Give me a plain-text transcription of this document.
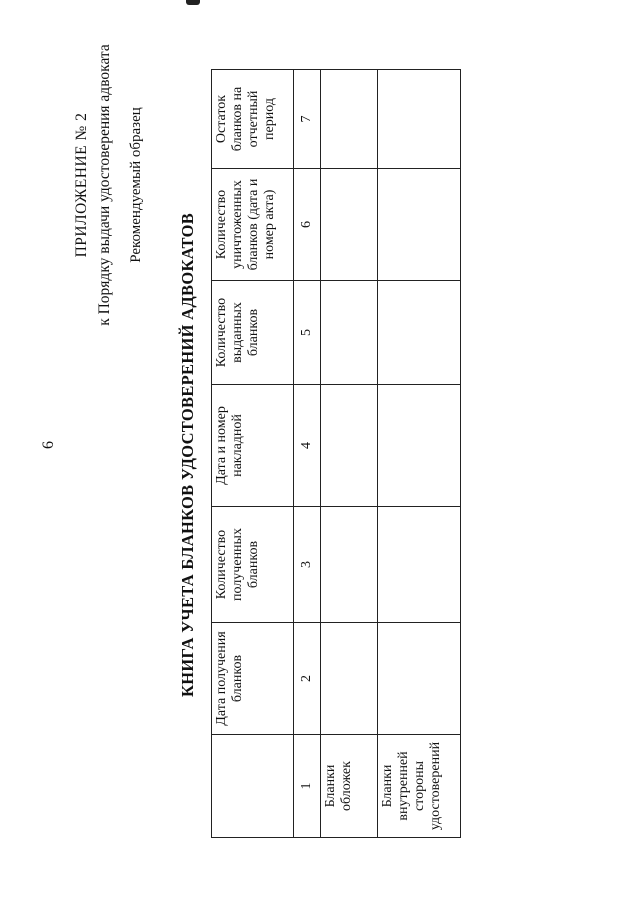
6
ПРИЛОЖЕНИЕ № 2 к Порядку выдачи удостоверения адвоката Рекомендуемый образец
КНИГА УЧЕТА БЛАНКОВ УДОСТОВЕРЕНИЙ АДВОКАТОВ
	Дата получения бланков	Количество полученных бланков	Дата и номер накладной	Количество выданных бланков	Количество уничтоженных бланков (дата и номер акта)	Остаток бланков на отчетный период
1	2	3	4	5	6	7
Бланки обложек						
Бланки внутренней стороны удостоверений						
